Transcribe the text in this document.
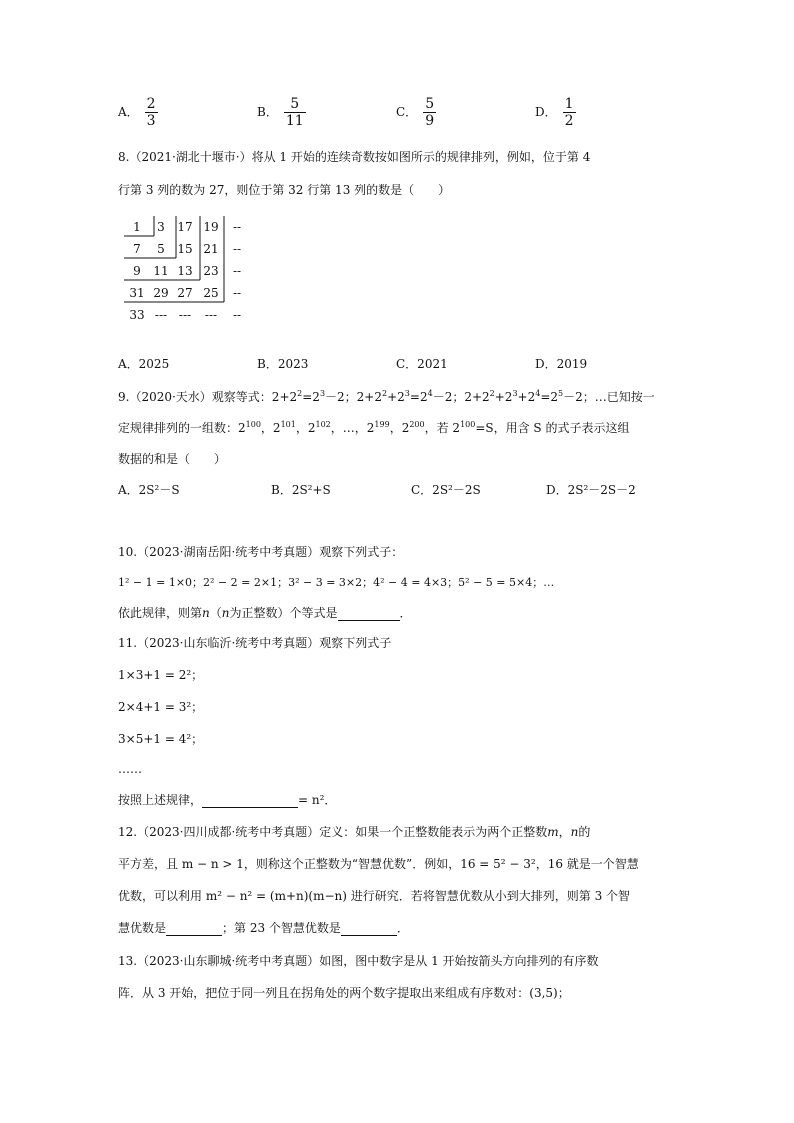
A． $\frac{2}{3}$	B． $\frac{5}{11}$	C． $\frac{5}{9}$	D． $\frac{1}{2}$
8.（2021·湖北十堰市·）将从 1 开始的连续奇数按如图所示的规律排列，例如，位于第 4
行第 3 列的数为 27，则位于第 32 行第 13 列的数是（　　）
1	3	17 19	--
7	5	15 21	--
9	11 13 23	--
31 29 27 25	--
33 --- ---	---	--
A．2025	B．2023	C．2021	D．2019
9.（2020·天水）观察等式：$2+2^2=2^3-2$；$2+2^2+2^3=2^4-2$；$2+2^2+2^3+2^4=2^5-2$；…已知按一
定规律排列的一组数：$2^{100}$，$2^{101}$，$2^{102}$，…，$2^{199}$，$2^{200}$，若 $2^{100}=S$，用含 S 的式子表示这组
数据的和是（　　）
A．2S²－S	B．2S²+S	C．2S²－2S	D．2S²－2S－2
10.（2023·湖南岳阳·统考中考真题）观察下列式子：
1² − 1 = 1×0；2² − 2 = 2×1；3² − 3 = 3×2；4² − 4 = 4×3；5² − 5 = 5×4；…
依此规律，则第n（n为正整数）个等式是	．
11.（2023·山东临沂·统考中考真题）观察下列式子
1×3+1 = 2²；
2×4+1 = 3²；
3×5+1 = 4²；
……
按照上述规律，	= n²．
12.（2023·四川成都·统考中考真题）定义：如果一个正整数能表示为两个正整数m，n的
平方差，且 m − n > 1，则称这个正整数为“智慧优数”．例如，16 = 5² − 3²，16 就是一个智慧
优数，可以利用 m² − n² = (m+n)(m−n) 进行研究．若将智慧优数从小到大排列，则第 3 个智
慧优数是	；第 23 个智慧优数是	．
13.（2023·山东聊城·统考中考真题）如图，图中数字是从 1 开始按箭头方向排列的有序数
阵．从 3 开始，把位于同一列且在拐角处的两个数字提取出来组成有序数对：(3,5)；
